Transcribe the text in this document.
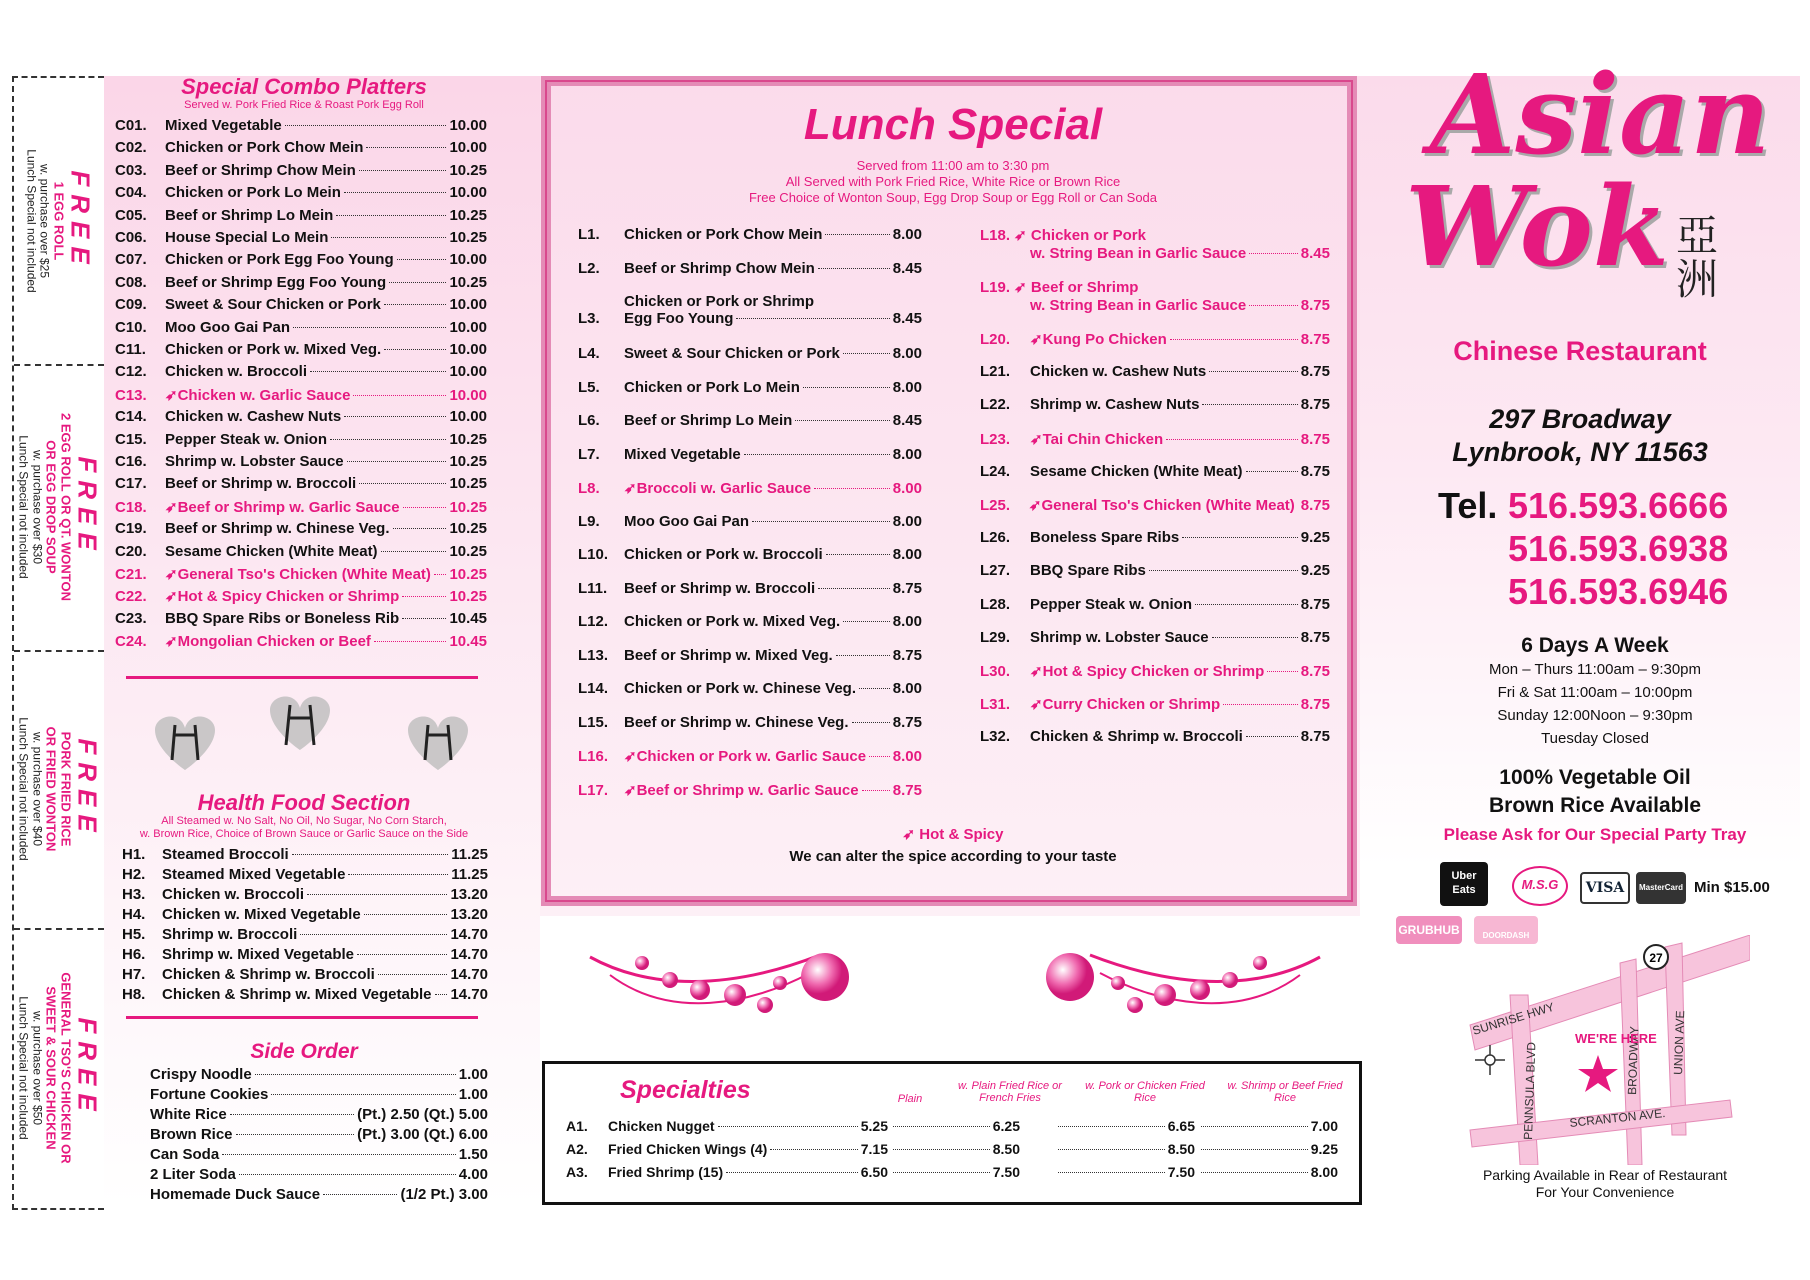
FREE
1 EGG ROLL
w. purchase over $25
Lunch Special not included
FREE
2 EGG ROLL OR QT. WONTON
OR EGG DROP SOUP
w. purchase over $30
Lunch Special not included
FREE
PORK FRIED RICE
OR FRIED WONTON
w. purchase over $40
Lunch Special not included
FREE
GENERAL TSO'S CHICKEN OR
SWEET & SOUR CHICKEN
w. purchase over $50
Lunch Special not included
Special Combo Platters
Served w. Pork Fried Rice & Roast Pork Egg Roll
Health Food Section
All Steamed w. No Salt, No Oil, No Sugar, No Corn Starch,
w. Brown Rice, Choice of Brown Sauce or Garlic Sauce on the Side
Side Order
Lunch Special
Served from 11:00 am to 3:30 pm
All Served with Pork Fried Rice, White Rice or Brown Rice
Free Choice of Wonton Soup, Egg Drop Soup or Egg Roll or Can Soda
➶ Hot & Spicy
We can alter the spice according to your taste
Specialties	Plain
w. Plain Fried Rice or French Fries
w. Pork or Chicken Fried Rice
w. Shrimp or Beef Fried Rice
Asian
Wok 亞洲
Chinese Restaurant
297 Broadway
Lynbrook, NY 11563
Tel. 516.593.6666
516.593.6938
516.593.6946
6 Days A Week
Mon – Thurs 11:00am – 9:30pm
Fri & Sat 11:00am – 10:00pm
Sunday 12:00Noon – 9:30pm
Tuesday Closed
100% Vegetable Oil
Brown Rice Available
Please Ask for Our Special Party Tray
Uber Eats	M.S.G	VISA	MasterCard Min $15.00
GRUBHUB	DOORDASH
SUNRISE HWY
PENNSULA BLVD	BROADWAY UNION AVE
SCRANTON AVE.
WE'RE HERE
27
Parking Available in Rear of Restaurant
For Your Convenience
C01.	Mixed Vegetable	10.00
C02.	Chicken or Pork Chow Mein	10.00
C03.	Beef or Shrimp Chow Mein	10.25
C04.	Chicken or Pork Lo Mein	10.00
C05.	Beef or Shrimp Lo Mein	10.25
C06.	House Special Lo Mein	10.25
C07.	Chicken or Pork Egg Foo Young	10.00
C08.	Beef or Shrimp Egg Foo Young	10.25
C09.	Sweet & Sour Chicken or Pork	10.00
C10.	Moo Goo Gai Pan	10.00
C11.	Chicken or Pork w. Mixed Veg.	10.00
C12.	Chicken w. Broccoli	10.00
C13.	➶ Chicken w. Garlic Sauce	10.00
C14.	Chicken w. Cashew Nuts	10.00
C15.	Pepper Steak w. Onion	10.25
C16.	Shrimp w. Lobster Sauce	10.25
C17.	Beef or Shrimp w. Broccoli	10.25
C18.	➶ Beef or Shrimp w. Garlic Sauce	10.25
C19.	Beef or Shrimp w. Chinese Veg.	10.25
C20.	Sesame Chicken (White Meat)	10.25
C21.	➶ General Tso's Chicken (White Meat) 10.25
C22.	➶ Hot & Spicy Chicken or Shrimp	10.25
C23.	BBQ Spare Ribs or Boneless Rib	10.45
C24.	➶ Mongolian Chicken or Beef	10.45
H1.	Steamed Broccoli	11.25
H2.	Steamed Mixed Vegetable	11.25
H3.	Chicken w. Broccoli	13.20
H4.	Chicken w. Mixed Vegetable	13.20
H5.	Shrimp w. Broccoli	14.70
H6.	Shrimp w. Mixed Vegetable	14.70
H7.	Chicken & Shrimp w. Broccoli	14.70
H8.	Chicken & Shrimp w. Mixed Vegetable 14.70
Crispy Noodle	1.00
Fortune Cookies	1.00
White Rice	(Pt.) 2.50 (Qt.) 5.00
Brown Rice	(Pt.) 3.00 (Qt.) 6.00
Can Soda	1.50
2 Liter Soda	4.00
Homemade Duck Sauce	(1/2 Pt.) 3.00
L1.	Chicken or Pork Chow Mein	8.00
L2.	Beef or Shrimp Chow Mein	8.45
Chicken or Pork or Shrimp
L3.	Egg Foo Young	8.45
L4.	Sweet & Sour Chicken or Pork	8.00
L5.	Chicken or Pork Lo Mein	8.00
L6.	Beef or Shrimp Lo Mein	8.45
L7.	Mixed Vegetable	8.00
L8.	➶ Broccoli w. Garlic Sauce	8.00
L9.	Moo Goo Gai Pan	8.00
L10.	Chicken or Pork w. Broccoli	8.00
L11.	Beef or Shrimp w. Broccoli	8.75
L12.	Chicken or Pork w. Mixed Veg.	8.00
L13.	Beef or Shrimp w. Mixed Veg.	8.75
L14.	Chicken or Pork w. Chinese Veg. 8.00
L15.	Beef or Shrimp w. Chinese Veg.	8.75
L16.	➶ Chicken or Pork w. Garlic Sauce 8.00
L17.	➶ Beef or Shrimp w. Garlic Sauce 8.75
L18. ➶ Chicken or Pork
w. String Bean in Garlic Sauce	8.45
L19. ➶ Beef or Shrimp
w. String Bean in Garlic Sauce	8.75
L20.	➶ Kung Po Chicken	8.75
L21.	Chicken w. Cashew Nuts	8.75
L22.	Shrimp w. Cashew Nuts	8.75
L23.	➶ Tai Chin Chicken	8.75
L24.	Sesame Chicken (White Meat)	8.75
L25.	➶ General Tso's Chicken (White Meat) 8.75
L26.	Boneless Spare Ribs	9.25
L27.	BBQ Spare Ribs	9.25
L28.	Pepper Steak w. Onion	8.75
L29.	Shrimp w. Lobster Sauce	8.75
L30.	➶ Hot & Spicy Chicken or Shrimp 8.75
L31.	➶ Curry Chicken or Shrimp	8.75
L32.	Chicken & Shrimp w. Broccoli	8.75
A1. Chicken Nugget	5.25	6.25	6.65	7.00
A2. Fried Chicken Wings (4)	7.15	8.50	8.50	9.25
A3. Fried Shrimp (15)	6.50	7.50	7.50	8.00
